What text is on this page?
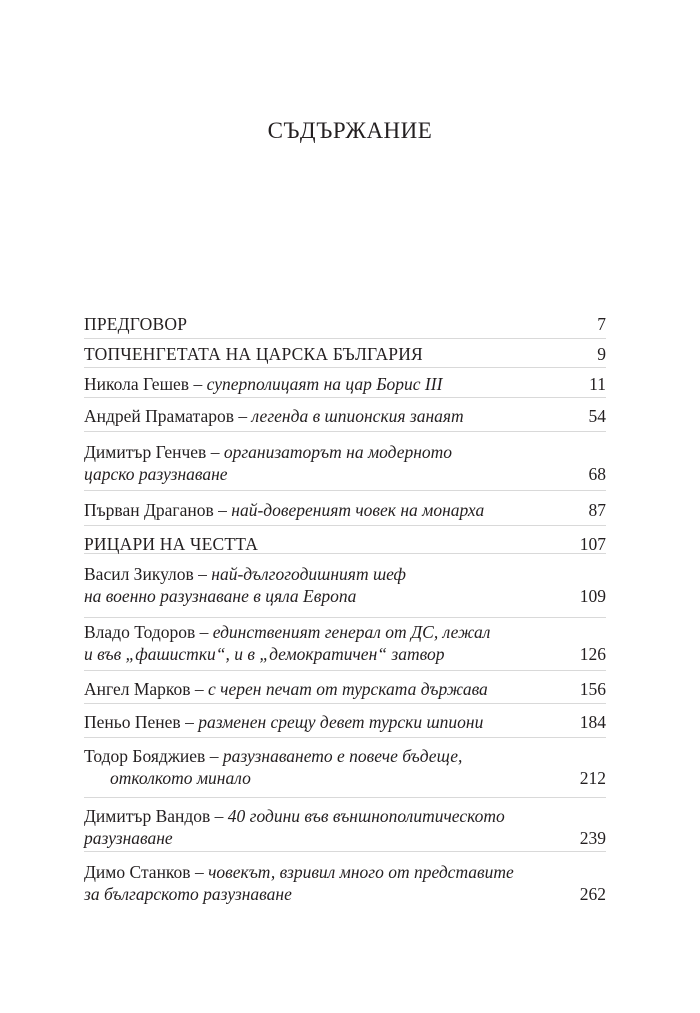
СЪДЪРЖАНИЕ
ПРЕДГОВОР	7
ТОПЧЕНГЕТАТА НА ЦАРСКА БЪЛГАРИЯ	9
Никола Гешев – суперполицаят на цар Борис III	11
Андрей Праматаров – легенда в шпионския занаят	54
Димитър Генчев – организаторът на модерното
царско разузнаване	68
Първан Драганов – най-довереният човек на монарха	87
РИЦАРИ НА ЧЕСТТА	107
Васил Зикулов – най-дългогодишният шеф
на военно разузнаване в цяла Европа	109
Владо Тодоров – единственият генерал от ДС, лежал
и във „фашистки“, и в „демократичен“ затвор	126
Ангел Марков – с черен печат от турската държава	156
Пеньо Пенев – разменен срещу девет турски шпиони	184
Тодор Бояджиев – разузнаването е повече бъдеще,
отколкото минало	212
Димитър Вандов – 40 години във външнополитическото
разузнаване	239
Димо Станков – човекът, взривил много от представите
за българското разузнаване	262
